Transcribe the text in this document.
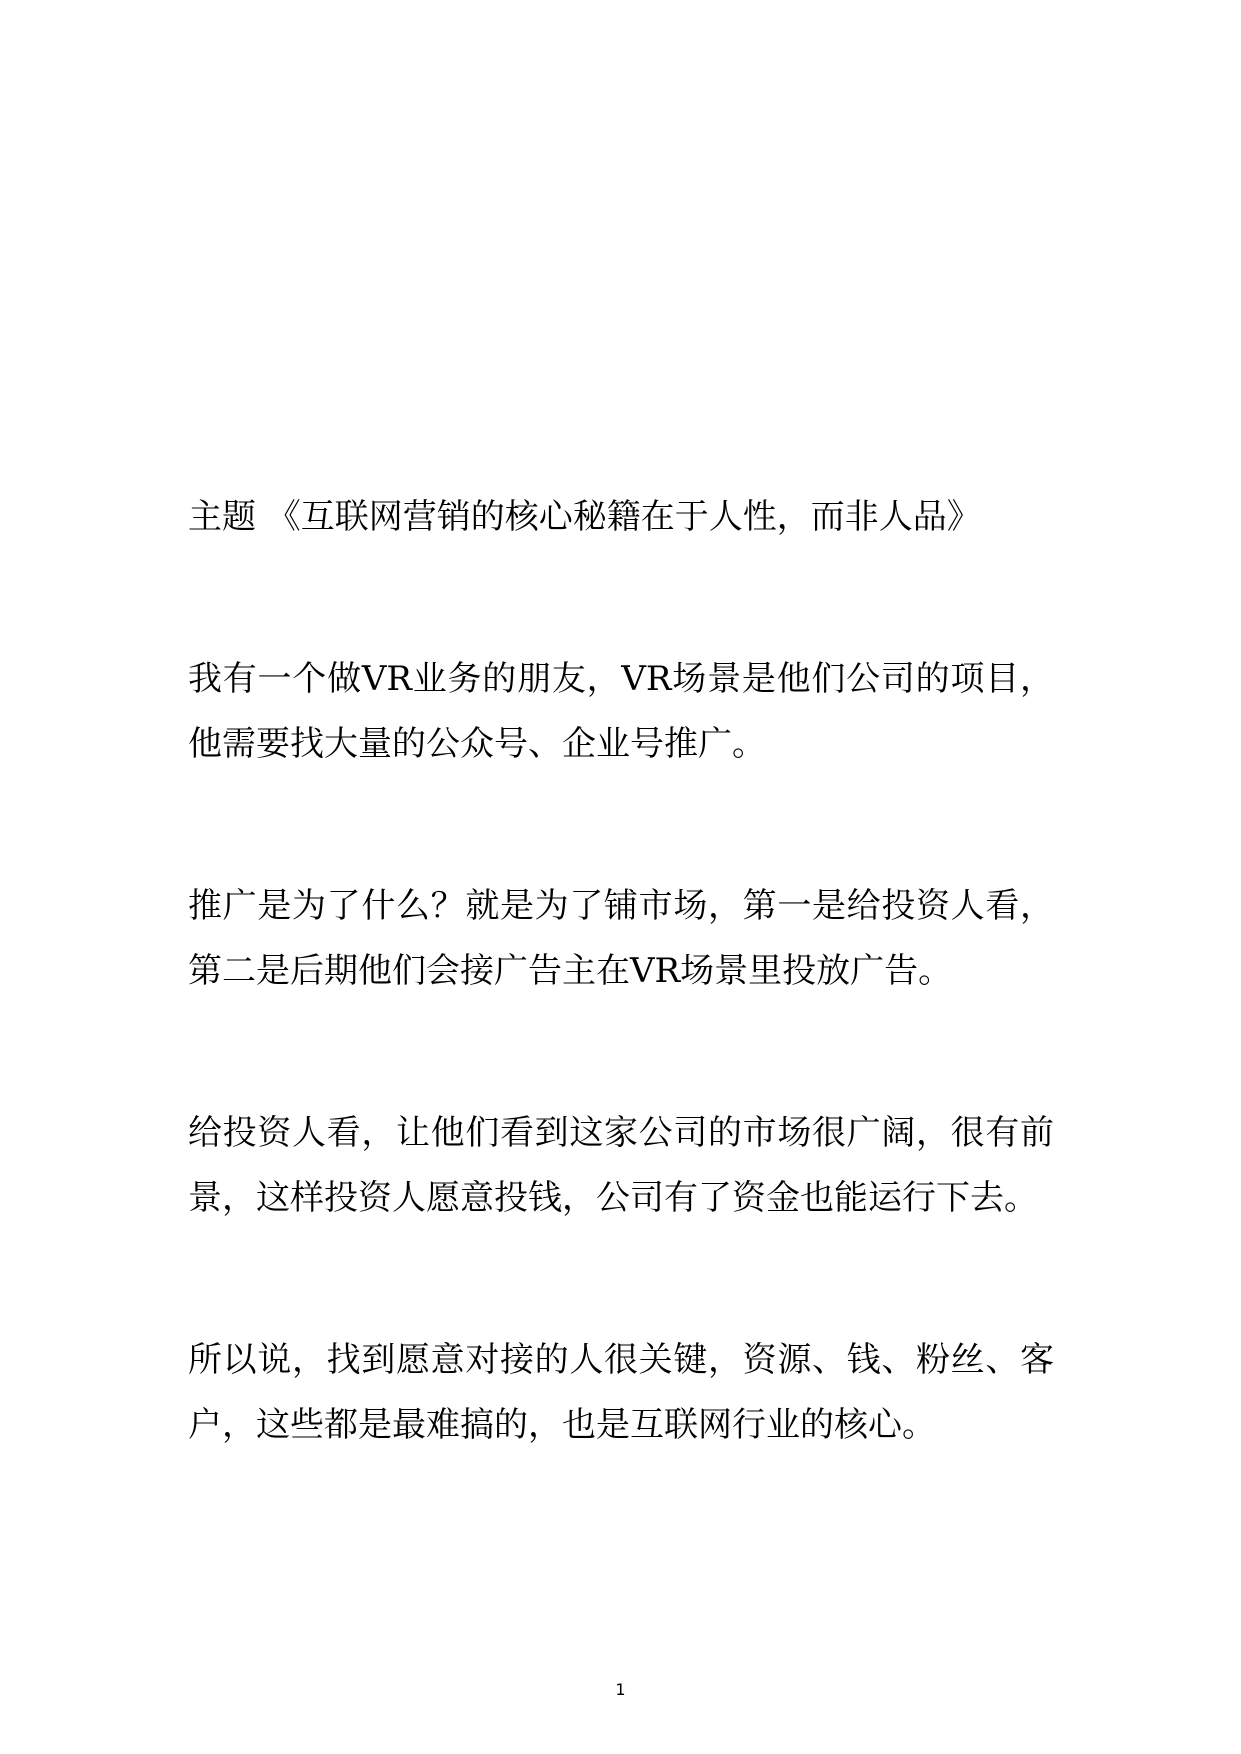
主题 《互联网营销的核心秘籍在于人性，而非人品》

我有一个做VR业务的朋友，VR场景是他们公司的项目，他需要找大量的公众号、企业号推广。

推广是为了什么？就是为了铺市场，第一是给投资人看，第二是后期他们会接广告主在VR场景里投放广告。

给投资人看，让他们看到这家公司的市场很广阔，很有前景，这样投资人愿意投钱，公司有了资金也能运行下去。

所以说，找到愿意对接的人很关键，资源、钱、粉丝、客户，这些都是最难搞的，也是互联网行业的核心。

1
